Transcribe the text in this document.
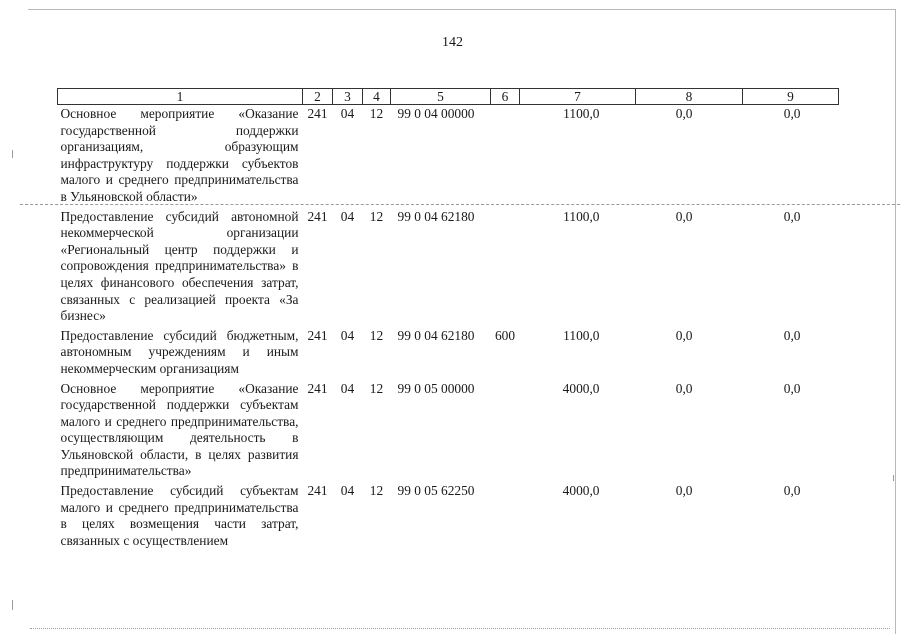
142
1	2	3	4	5	6	7	8	9
Основное мероприятие «Оказание государственной поддержки организациям, образующим инфраструктуру поддержки субъектов малого и среднего предпринимательства в Ульяновской области»	241	04	12	99 0 04 00000		1100,0	0,0	0,0
Предоставление субсидий автономной некоммерческой организации «Региональный центр поддержки и сопровождения предпринимательства» в целях финансового обеспечения затрат, связанных с реализацией проекта «За бизнес»	241	04	12	99 0 04 62180		1100,0	0,0	0,0
Предоставление субсидий бюджетным, автономным учреждениям и иным некоммерческим организациям	241	04	12	99 0 04 62180	600	1100,0	0,0	0,0
Основное мероприятие «Оказание государственной поддержки субъектам малого и среднего предпринимательства, осуществляющим деятельность в Ульяновской области, в целях развития предпринимательства»	241	04	12	99 0 05 00000		4000,0	0,0	0,0
Предоставление субсидий субъектам малого и среднего предпринимательства в целях возмещения части затрат, связанных с осуществлением	241	04	12	99 0 05 62250		4000,0	0,0	0,0
